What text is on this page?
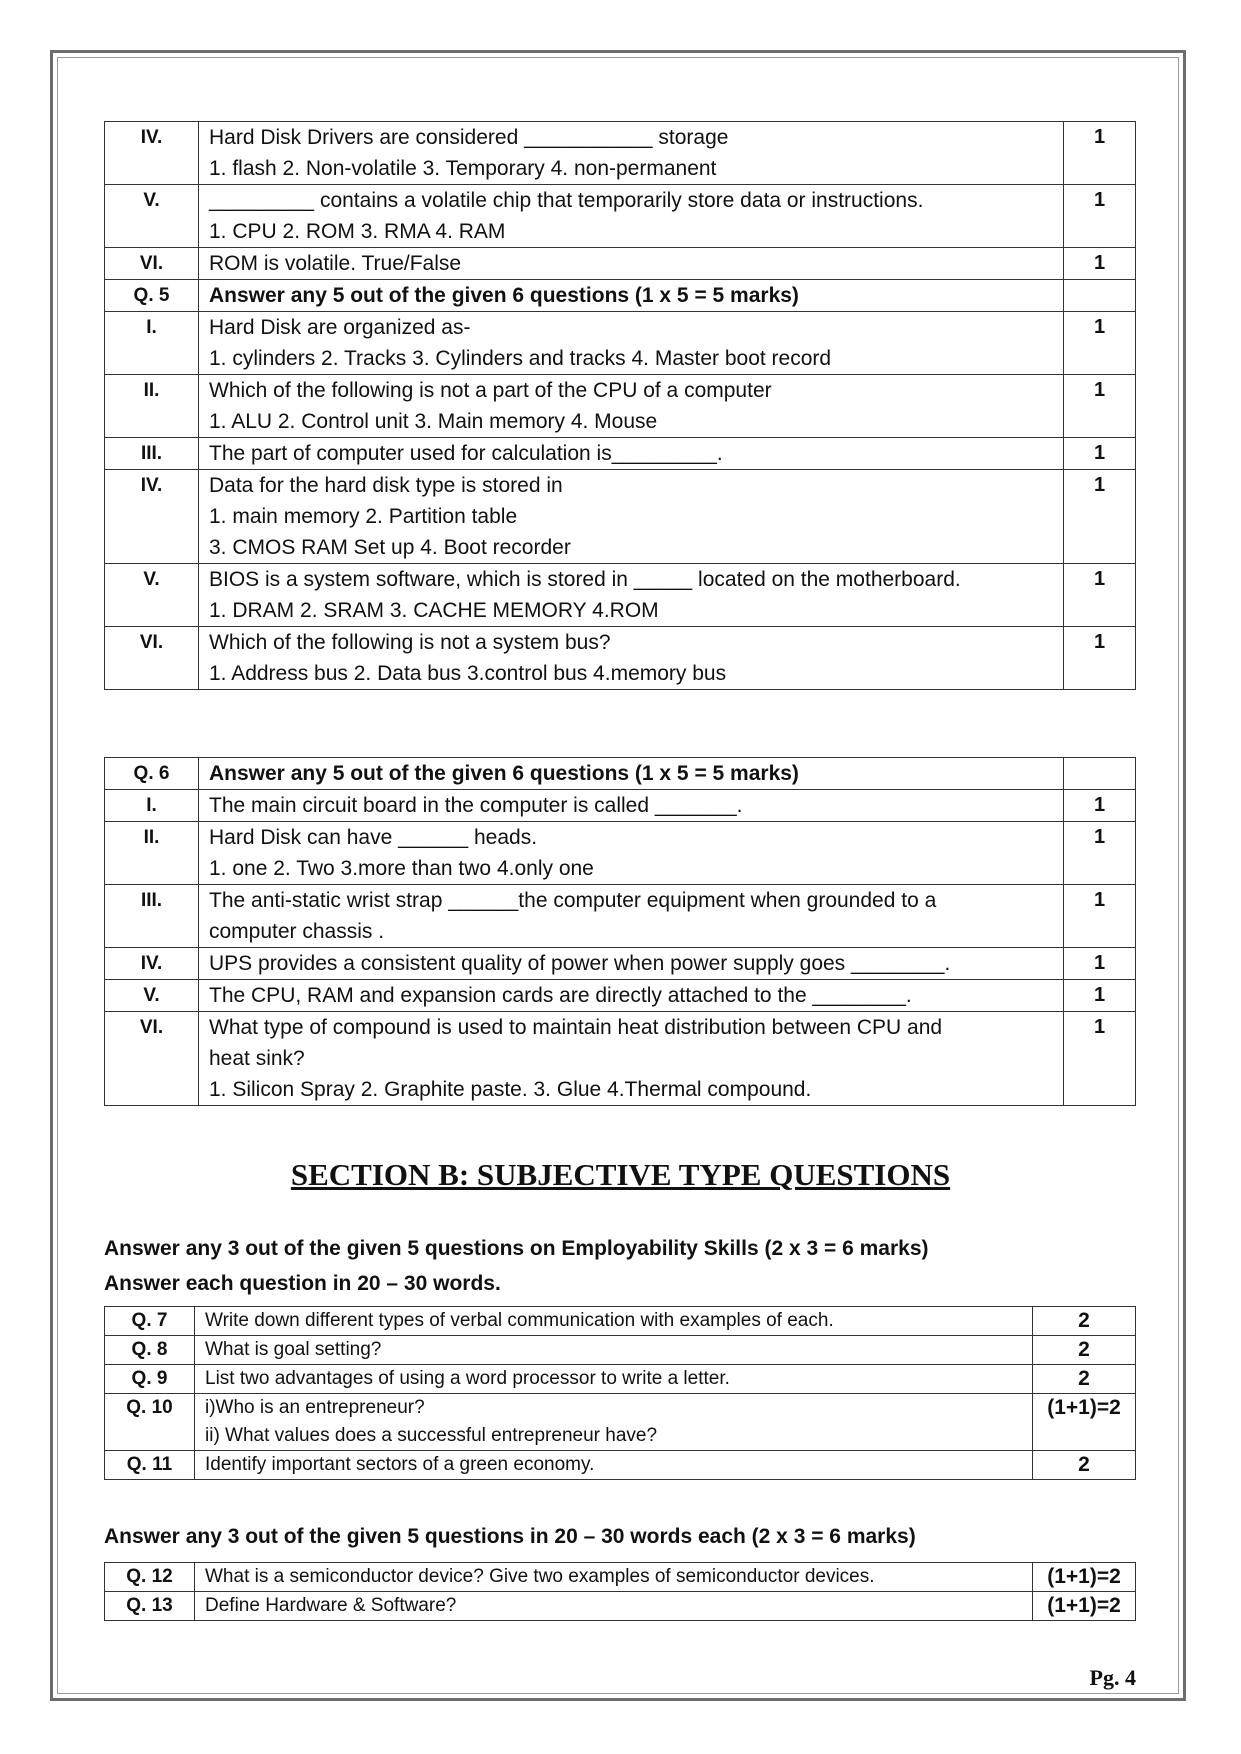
IV.	Hard Disk Drivers are considered ___________ storage
1. flash 2. Non-volatile 3. Temporary 4. non-permanent	1
V.	_________ contains a volatile chip that temporarily store data or instructions.
1. CPU 2. ROM 3. RMA 4. RAM	1
VI.	ROM is volatile. True/False	1
Q. 5	Answer any 5 out of the given 6 questions (1 x 5 = 5 marks)	

I.	Hard Disk are organized as-
1. cylinders 2. Tracks 3. Cylinders and tracks 4. Master boot record	1
II.	Which of the following is not a part of the CPU of a computer
1. ALU 2. Control unit 3. Main memory 4. Mouse	1
III.	The part of computer used for calculation is_________.	1
IV.	Data for the hard disk type is stored in
1. main memory 2. Partition table
3. CMOS RAM Set up 4. Boot recorder	1
V.	BIOS is a system software, which is stored in _____ located on the motherboard.
1. DRAM 2. SRAM 3. CACHE MEMORY 4.ROM	1
VI.	Which of the following is not a system bus?
1. Address bus 2. Data bus 3.control bus 4.memory bus	1
Q. 6	Answer any 5 out of the given 6 questions (1 x 5 = 5 marks)	

I.	The main circuit board in the computer is called _______.	1
II.	Hard Disk can have ______ heads.
1. one 2. Two 3.more than two 4.only one	1
III.	The anti-static wrist strap ______the computer equipment when grounded to a
computer chassis .	1
IV.	UPS provides a consistent quality of power when power supply goes ________.	1
V.	The CPU, RAM and expansion cards are directly attached to the ________.	1
VI.	What type of compound is used to maintain heat distribution between CPU and
heat sink?
1. Silicon Spray 2. Graphite paste. 3. Glue 4.Thermal compound.	1
SECTION B: SUBJECTIVE TYPE QUESTIONS
Answer any 3 out of the given 5 questions on Employability Skills (2 x 3 = 6 marks)
Answer each question in 20 – 30 words.
Q. 7	Write down different types of verbal communication with examples of each.	2
Q. 8	What is goal setting?	2
Q. 9	List two advantages of using a word processor to write a letter.	2
Q. 10	i)Who is an entrepreneur?
ii) What values does a successful entrepreneur have?	(1+1)=2
Q. 11	Identify important sectors of a green economy.	2
Answer any 3 out of the given 5 questions in 20 – 30 words each (2 x 3 = 6 marks)
Q. 12	What is a semiconductor device? Give two examples of semiconductor devices.	(1+1)=2
Q. 13	Define Hardware & Software?	(1+1)=2
Pg. 4
